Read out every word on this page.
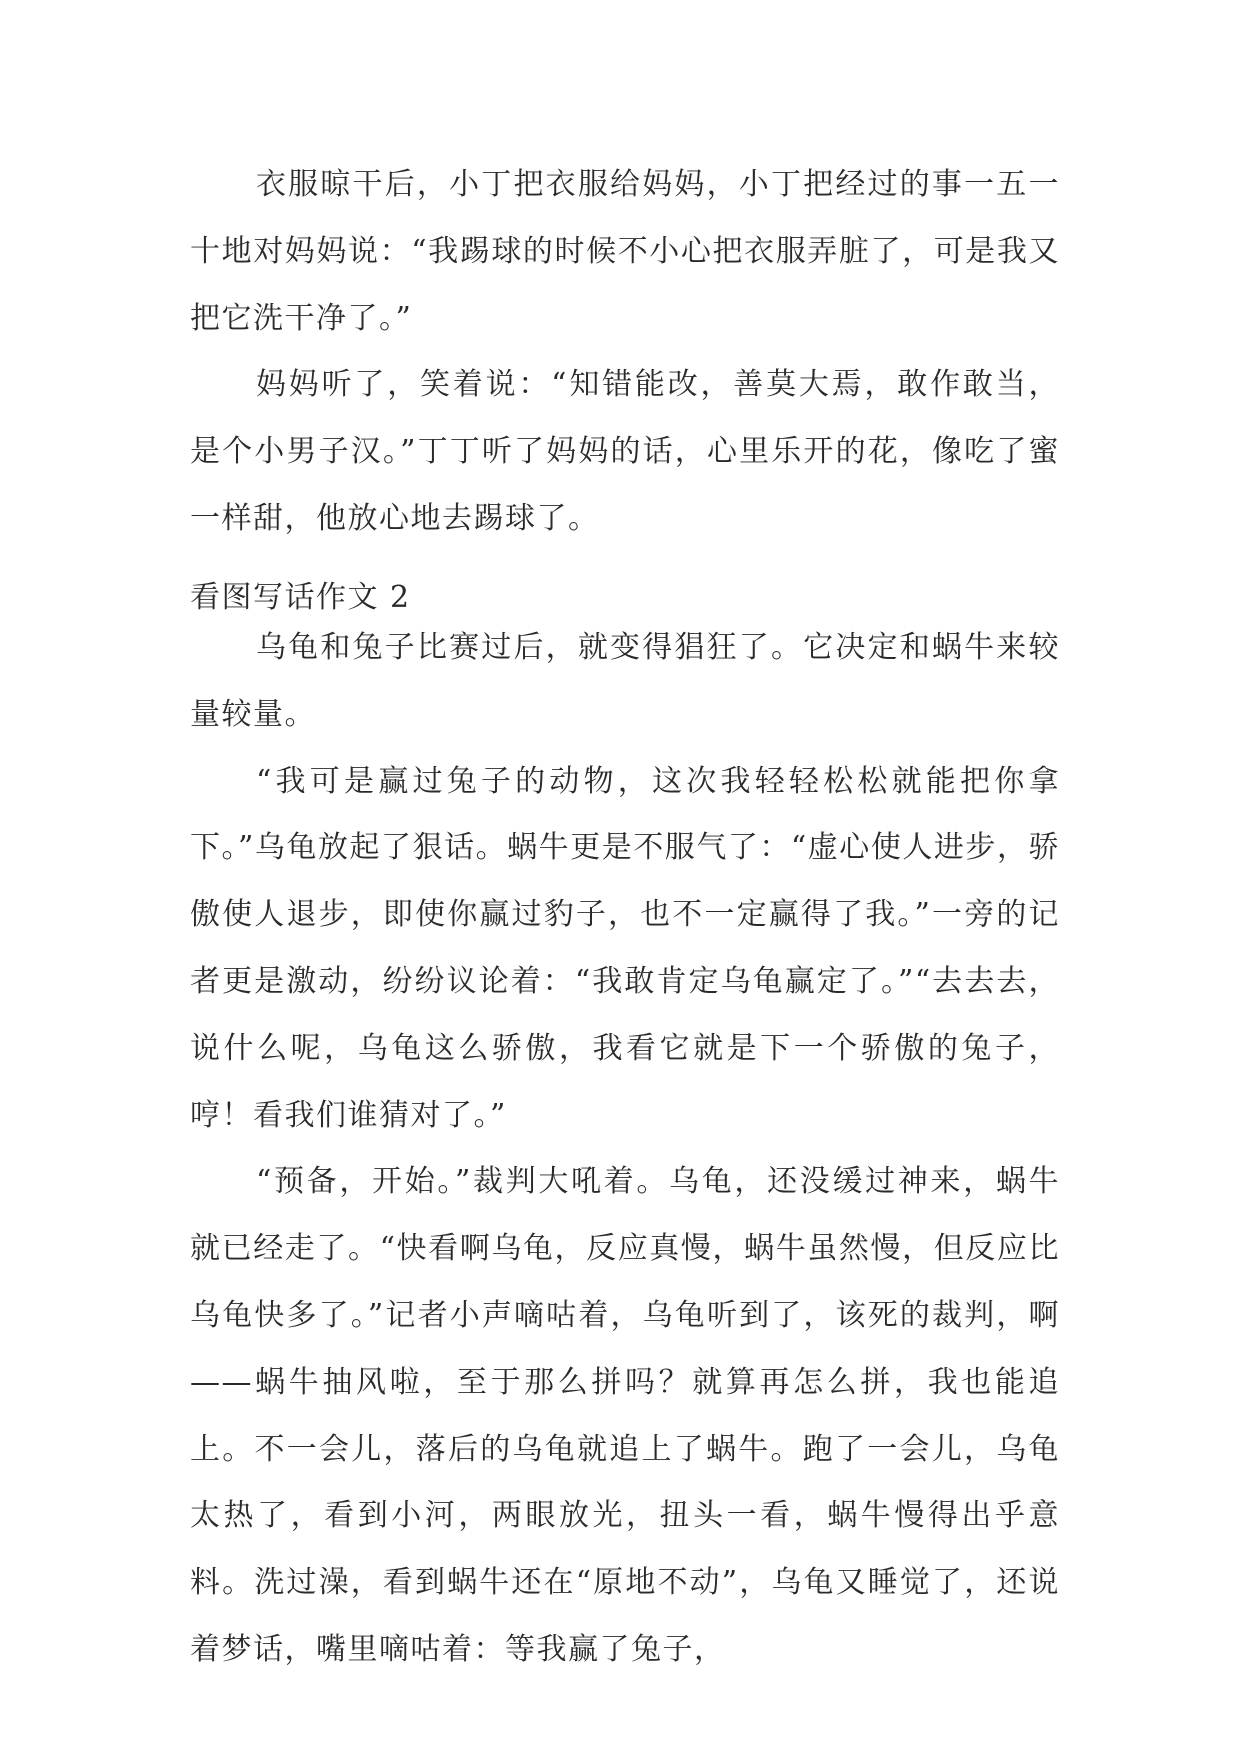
衣服晾干后，小丁把衣服给妈妈，小丁把经过的事一五一十地对妈妈说：“我踢球的时候不小心把衣服弄脏了，可是我又把它洗干净了。”

妈妈听了，笑着说：“知错能改，善莫大焉，敢作敢当，是个小男子汉。”丁丁听了妈妈的话，心里乐开的花，像吃了蜜一样甜，他放心地去踢球了。

看图写话作文 2

乌龟和兔子比赛过后，就变得猖狂了。它决定和蜗牛来较量较量。

“我可是赢过兔子的动物，这次我轻轻松松就能把你拿下。”乌龟放起了狠话。蜗牛更是不服气了：“虚心使人进步，骄傲使人退步，即使你赢过豹子，也不一定赢得了我。”一旁的记者更是激动，纷纷议论着：“我敢肯定乌龟赢定了。”“去去去，说什么呢，乌龟这么骄傲，我看它就是下一个骄傲的兔子，哼！看我们谁猜对了。”

“预备，开始。”裁判大吼着。乌龟，还没缓过神来，蜗牛就已经走了。“快看啊乌龟，反应真慢，蜗牛虽然慢，但反应比乌龟快多了。”记者小声嘀咕着，乌龟听到了，该死的裁判，啊——蜗牛抽风啦，至于那么拼吗？就算再怎么拼，我也能追上。不一会儿，落后的乌龟就追上了蜗牛。跑了一会儿，乌龟太热了，看到小河，两眼放光，扭头一看，蜗牛慢得出乎意料。洗过澡，看到蜗牛还在“原地不动”，乌龟又睡觉了，还说着梦话，嘴里嘀咕着：等我赢了兔子，
